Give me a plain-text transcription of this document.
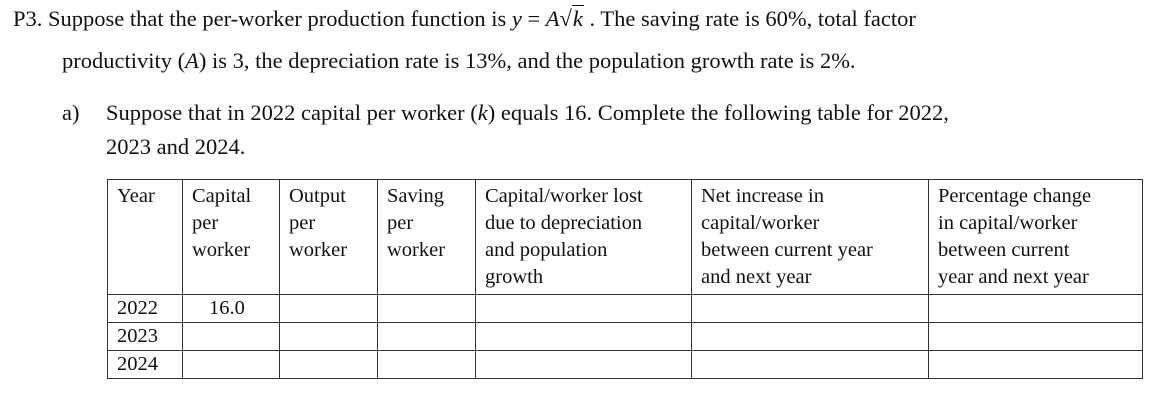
P3. Suppose that the per-worker production function is y = A√k . The saving rate is 60%, total factor
productivity (A) is 3, the depreciation rate is 13%, and the population growth rate is 2%.
a) Suppose that in 2022 capital per worker (k) equals 16. Complete the following table for 2022,
2023 and 2024.
Year	Capital
per
worker	Output
per
worker	Saving
per
worker	Capital/worker lost
due to depreciation
and population
growth	Net increase in
capital/worker
between current year
and next year	Percentage change
in capital/worker
between current
year and next year
2022	16.0					
2023						
2024						
